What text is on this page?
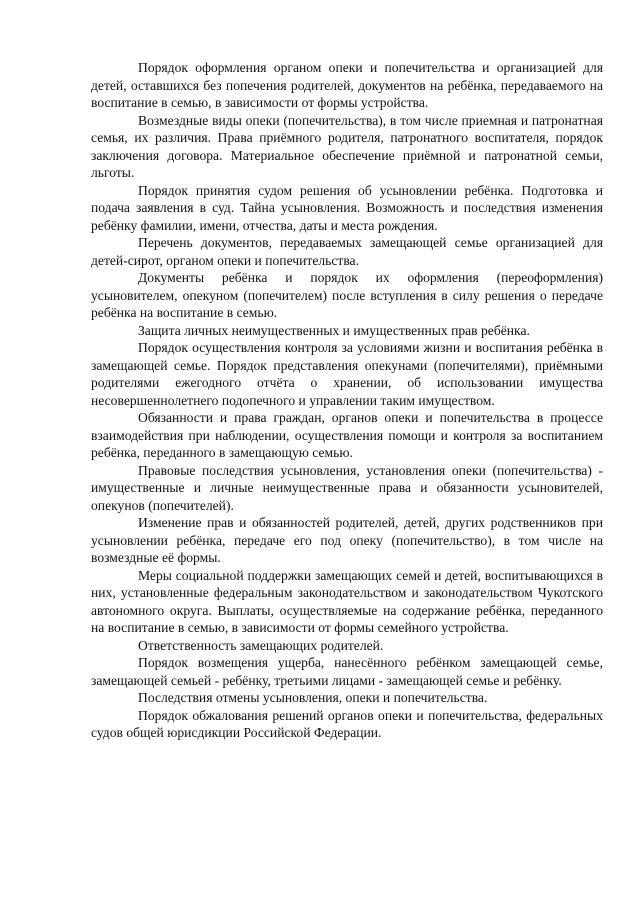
Порядок оформления органом опеки и попечительства и организацией для детей, оставшихся без попечения родителей, документов на ребёнка, передаваемого на воспитание в семью, в зависимости от формы устройства.

Возмездные виды опеки (попечительства), в том числе приемная и патронатная семья, их различия. Права приёмного родителя, патронатного воспитателя, порядок заключения договора. Материальное обеспечение приёмной и патронатной семьи, льготы.

Порядок принятия судом решения об усыновлении ребёнка. Подготовка и подача заявления в суд. Тайна усыновления. Возможность и последствия изменения ребёнку фамилии, имени, отчества, даты и места рождения.

Перечень документов, передаваемых замещающей семье организацией для детей-сирот, органом опеки и попечительства.

Документы ребёнка и порядок их оформления (переоформления) усыновителем, опекуном (попечителем) после вступления в силу решения о передаче ребёнка на воспитание в семью.

Защита личных неимущественных и имущественных прав ребёнка.

Порядок осуществления контроля за условиями жизни и воспитания ребёнка в замещающей семье. Порядок представления опекунами (попечителями), приёмными родителями ежегодного отчёта о хранении, об использовании имущества несовершеннолетнего подопечного и управлении таким имуществом.

Обязанности и права граждан, органов опеки и попечительства в процессе взаимодействия при наблюдении, осуществления помощи и контроля за воспитанием ребёнка, переданного в замещающую семью.

Правовые последствия усыновления, установления опеки (попечительства) - имущественные и личные неимущественные права и обязанности усыновителей, опекунов (попечителей).

Изменение прав и обязанностей родителей, детей, других родственников при усыновлении ребёнка, передаче его под опеку (попечительство), в том числе на возмездные её формы.

Меры социальной поддержки замещающих семей и детей, воспитывающихся в них, установленные федеральным законодательством и законодательством Чукотского автономного округа. Выплаты, осуществляемые на содержание ребёнка, переданного на воспитание в семью, в зависимости от формы семейного устройства.

Ответственность замещающих родителей.

Порядок возмещения ущерба, нанесённого ребёнком замещающей семье, замещающей семьей - ребёнку, третьими лицами - замещающей семье и ребёнку.

Последствия отмены усыновления, опеки и попечительства.

Порядок обжалования решений органов опеки и попечительства, федеральных судов общей юрисдикции Российской Федерации.
